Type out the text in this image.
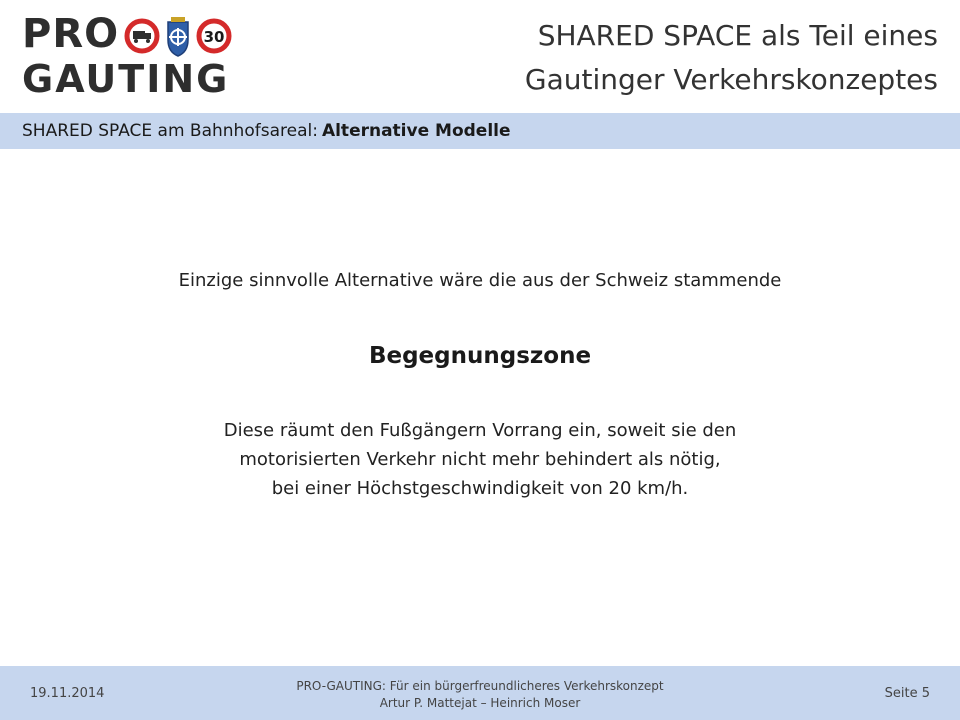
PRO	30
GAUTING
SHARED SPACE als Teil eines
Gautinger Verkehrskonzeptes
SHARED SPACE am Bahnhofsareal: Alternative Modelle
Einzige sinnvolle Alternative wäre die aus der Schweiz stammende
Begegnungszone
Diese räumt den Fußgängern Vorrang ein, soweit sie den
motorisierten Verkehr nicht mehr behindert als nötig,
bei einer Höchstgeschwindigkeit von 20 km/h.
19.11.2014	PRO-GAUTING: Für ein bürgerfreundlicheres Verkehrskonzept
Artur P. Mattejat – Heinrich Moser
Seite 5
